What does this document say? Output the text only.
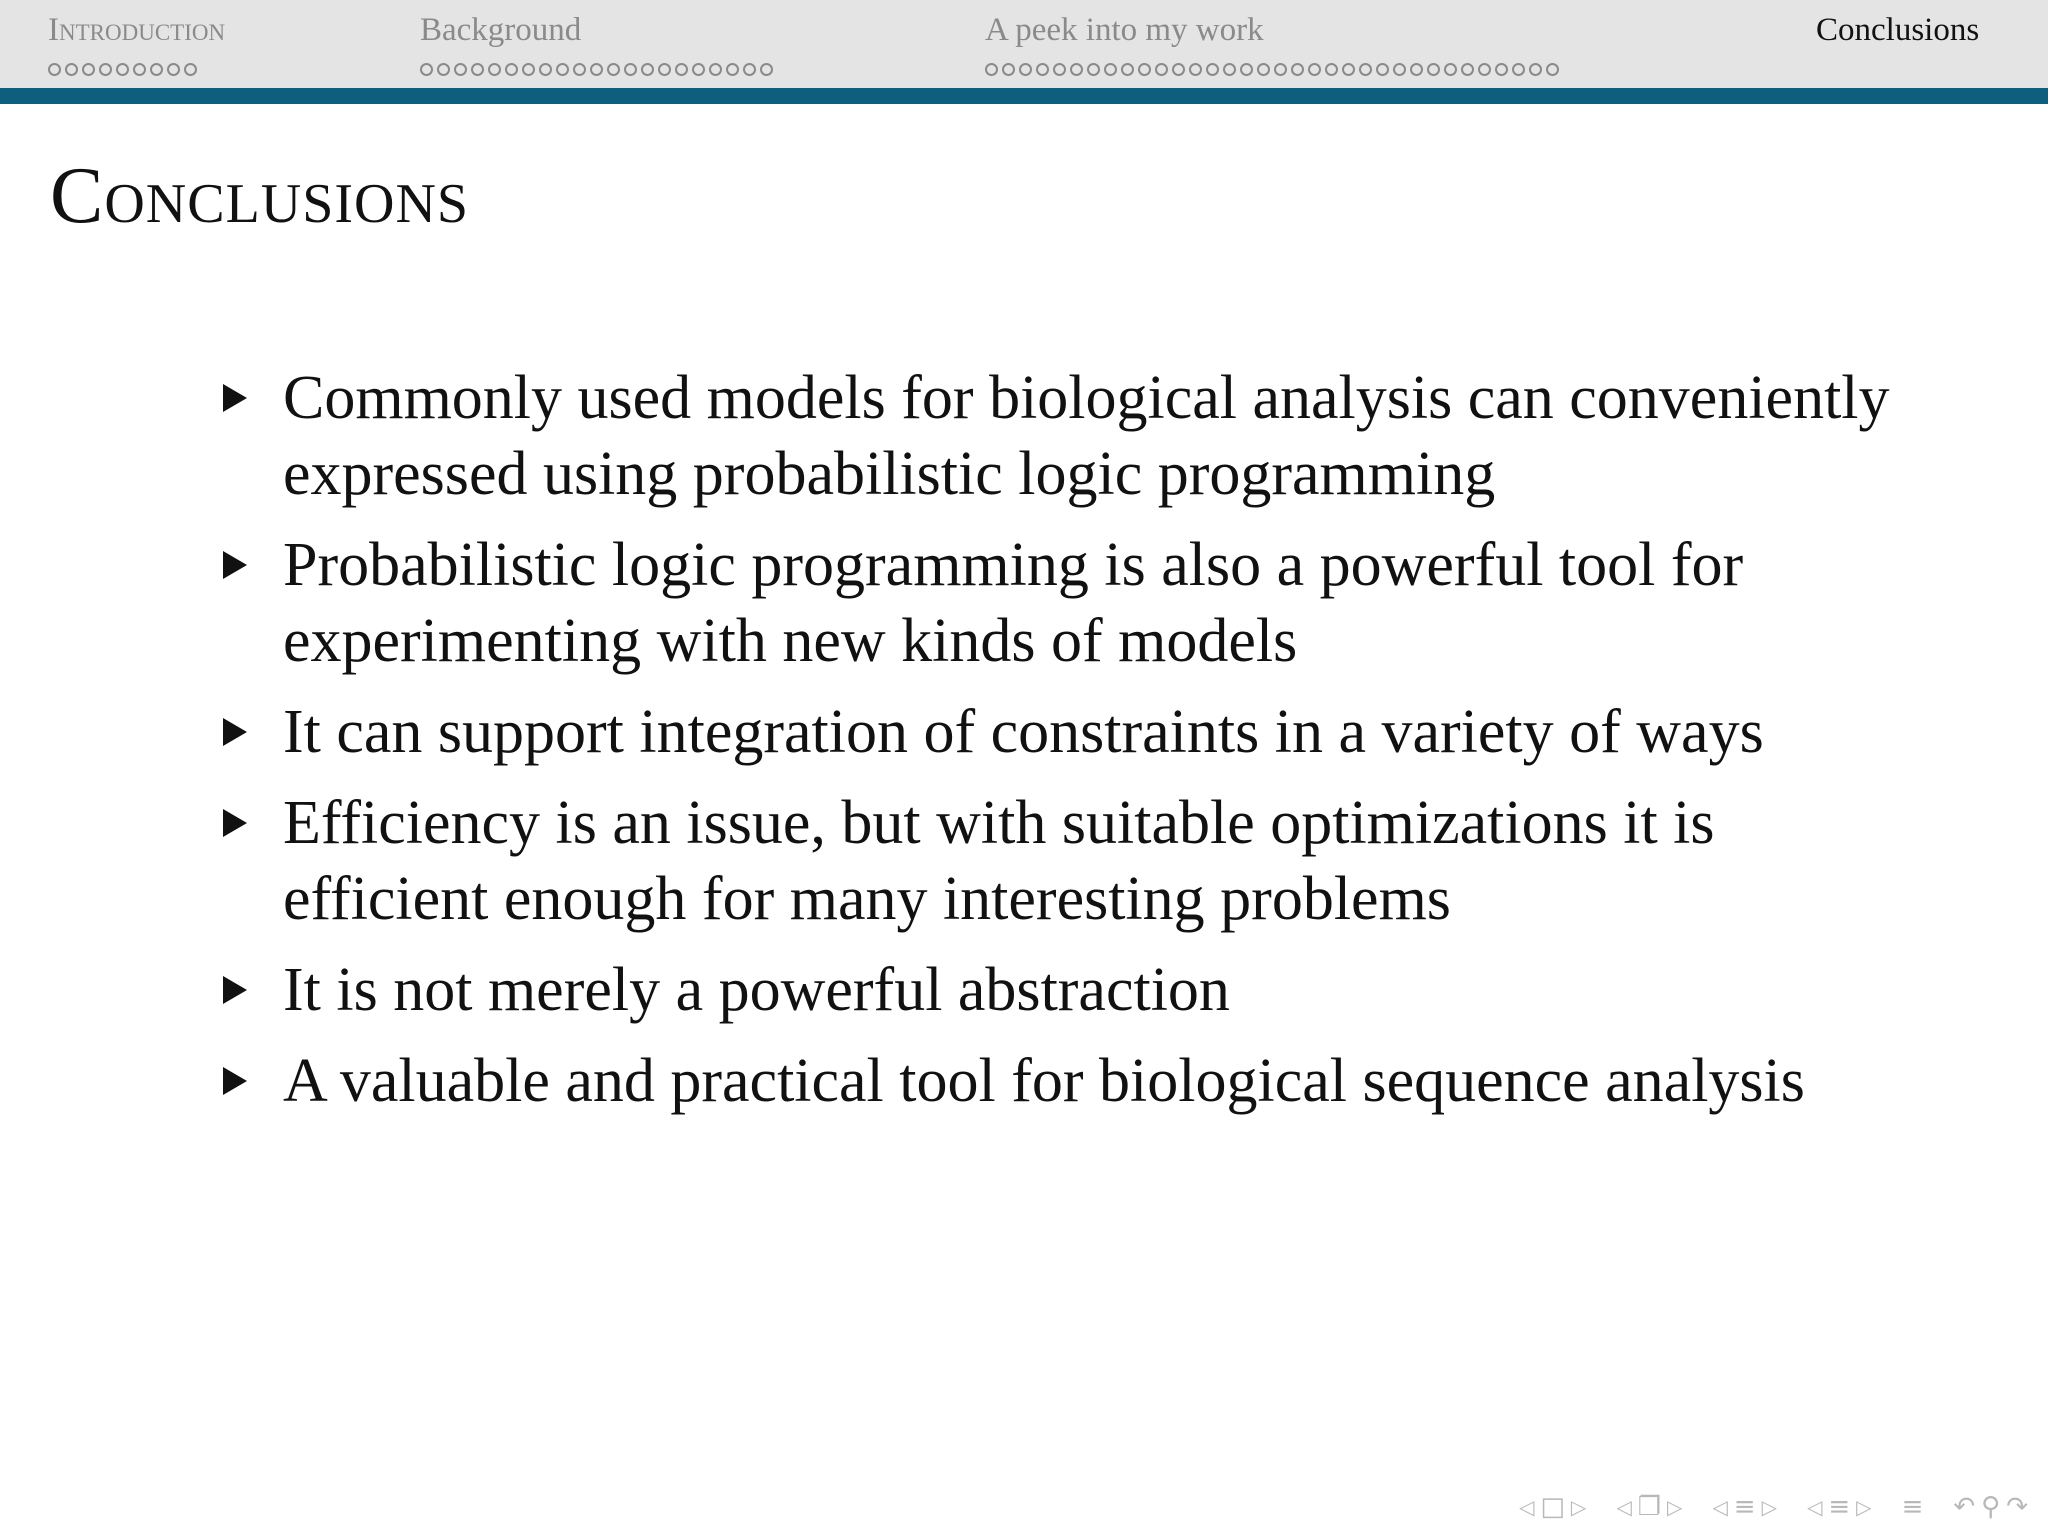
Introduction	Background	A peek into my work	Conclusions
Conclusions
Commonly used models for biological analysis can conveniently expressed using probabilistic logic programming
Probabilistic logic programming is also a powerful tool for experimenting with new kinds of models
It can support integration of constraints in a variety of ways
Efficiency is an issue, but with suitable optimizations it is efficient enough for many interesting problems
It is not merely a powerful abstraction
A valuable and practical tool for biological sequence analysis
◁ □ ▷ ◁ ❐ ▷ ◁ ≡ ▷ ◁ ≡ ▷ ≡ ↶ ⚲ ↷
